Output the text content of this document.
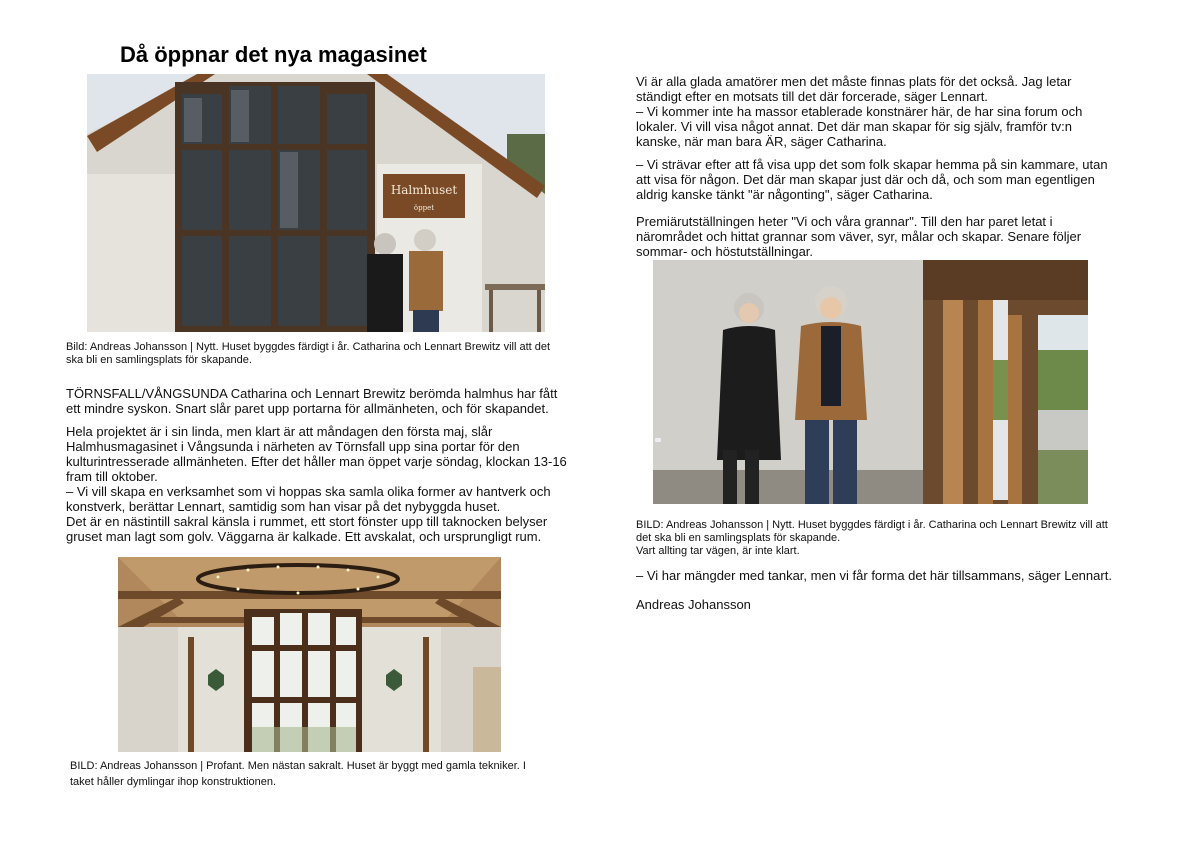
Då öppnar det nya magasinet
Halmhuset
öppet
Bild: Andreas Johansson | Nytt. Huset byggdes färdigt i år. Catharina och Lennart Brewitz vill att det ska bli en samlingsplats för skapande.

TÖRNSFALL/VÅNGSUNDA Catharina och Lennart Brewitz berömda halmhus har fått ett mindre syskon. Snart slår paret upp portarna för allmänheten, och för skapandet.

Hela projektet är i sin linda, men klart är att måndagen den första maj, slår Halmhusmagasinet i Vångsunda i närheten av Törnsfall upp sina portar för den kulturintresserade allmänheten. Efter det håller man öppet varje söndag, klockan 13-16 fram till oktober.

– Vi vill skapa en verksamhet som vi hoppas ska samla olika former av hantverk och konstverk, berättar Lennart, samtidig som han visar på det nybyggda huset.

Det är en nästintill sakral känsla i rummet, ett stort fönster upp till taknocken belyser gruset man lagt som golv. Väggarna är kalkade. Ett avskalat, och ursprungligt rum.

BILD: Andreas Johansson | Profant. Men nästan sakralt. Huset är byggt med gamla tekniker. I
taket håller dymlingar ihop konstruktionen.

Vi är alla glada amatörer men det måste finnas plats för det också. Jag letar ständigt efter en motsats till det där forcerade, säger Lennart.

– Vi kommer inte ha massor etablerade konstnärer här, de har sina forum och lokaler. Vi vill visa något annat. Det där man skapar för sig själv, framför tv:n kanske, när man bara ÄR, säger Catharina.

– Vi strävar efter att få visa upp det som folk skapar hemma på sin kammare, utan att visa för någon. Det där man skapar just där och då, och som man egentligen aldrig kanske tänkt "är någonting", säger Catharina.

Premiärutställningen heter "Vi och våra grannar". Till den har paret letat i närområdet och hittat grannar som väver, syr, målar och skapar. Senare följer sommar- och höstutställningar.

BILD: Andreas Johansson | Nytt. Huset byggdes färdigt i år. Catharina och Lennart Brewitz vill att
det ska bli en samlingsplats för skapande.
Vart allting tar vägen, är inte klart.
– Vi har mängder med tankar, men vi får forma det här tillsammans, säger Lennart.
Andreas Johansson
